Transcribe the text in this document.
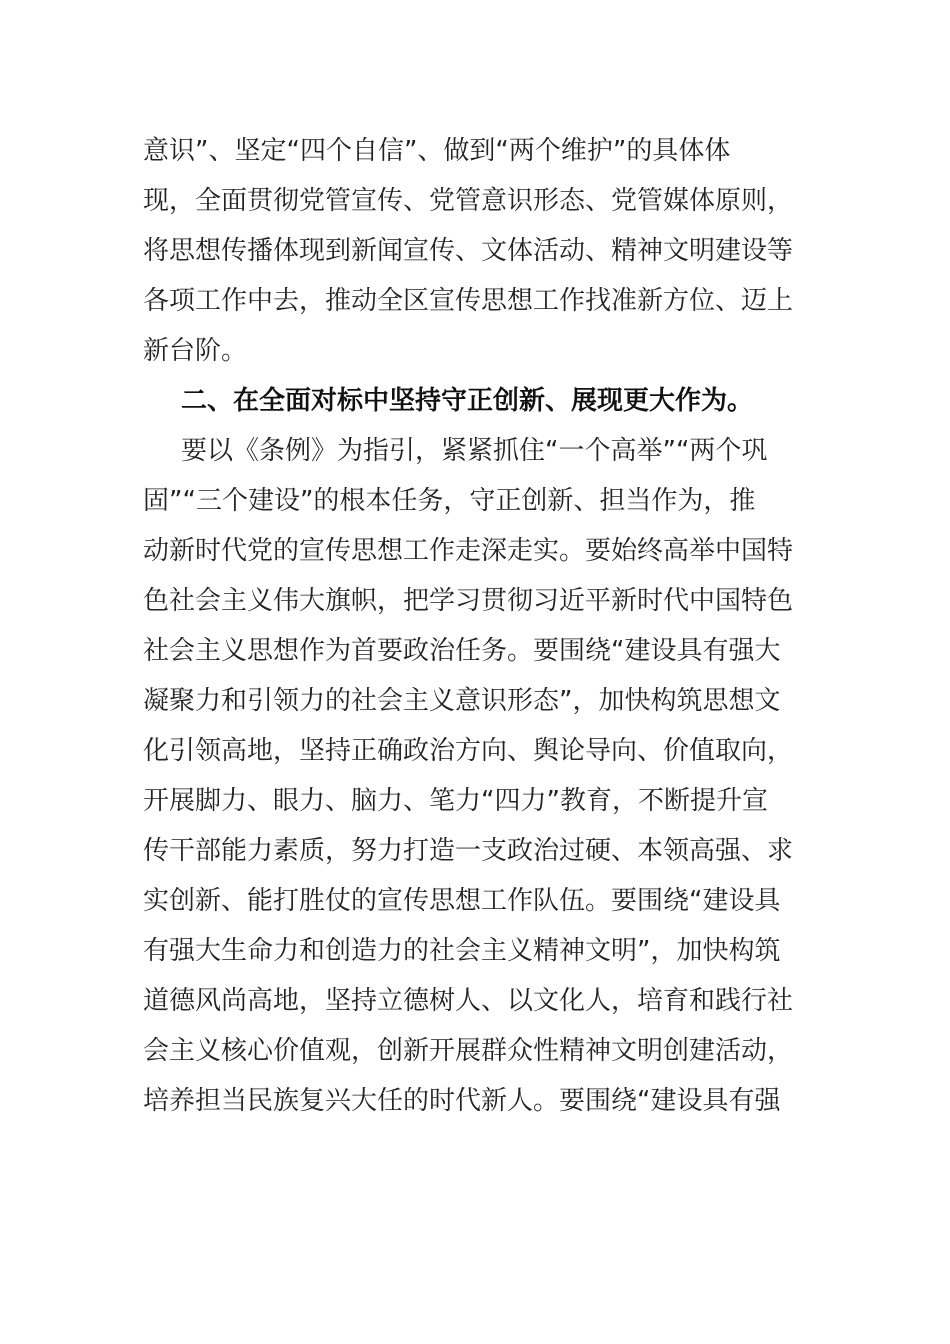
意识”、坚定“四个自信”、做到“两个维护”的具体体
现，全面贯彻党管宣传、党管意识形态、党管媒体原则，
将思想传播体现到新闻宣传、文体活动、精神文明建设等
各项工作中去，推动全区宣传思想工作找准新方位、迈上
新台阶。
二、在全面对标中坚持守正创新、展现更大作为。
要以《条例》为指引，紧紧抓住“一个高举”“两个巩
固”“三个建设”的根本任务，守正创新、担当作为，推
动新时代党的宣传思想工作走深走实。要始终高举中国特
色社会主义伟大旗帜，把学习贯彻习近平新时代中国特色
社会主义思想作为首要政治任务。要围绕“建设具有强大
凝聚力和引领力的社会主义意识形态”，加快构筑思想文
化引领高地，坚持正确政治方向、舆论导向、价值取向，
开展脚力、眼力、脑力、笔力“四力”教育，不断提升宣
传干部能力素质，努力打造一支政治过硬、本领高强、求
实创新、能打胜仗的宣传思想工作队伍。要围绕“建设具
有强大生命力和创造力的社会主义精神文明”，加快构筑
道德风尚高地，坚持立德树人、以文化人，培育和践行社
会主义核心价值观，创新开展群众性精神文明创建活动，
培养担当民族复兴大任的时代新人。要围绕“建设具有强
